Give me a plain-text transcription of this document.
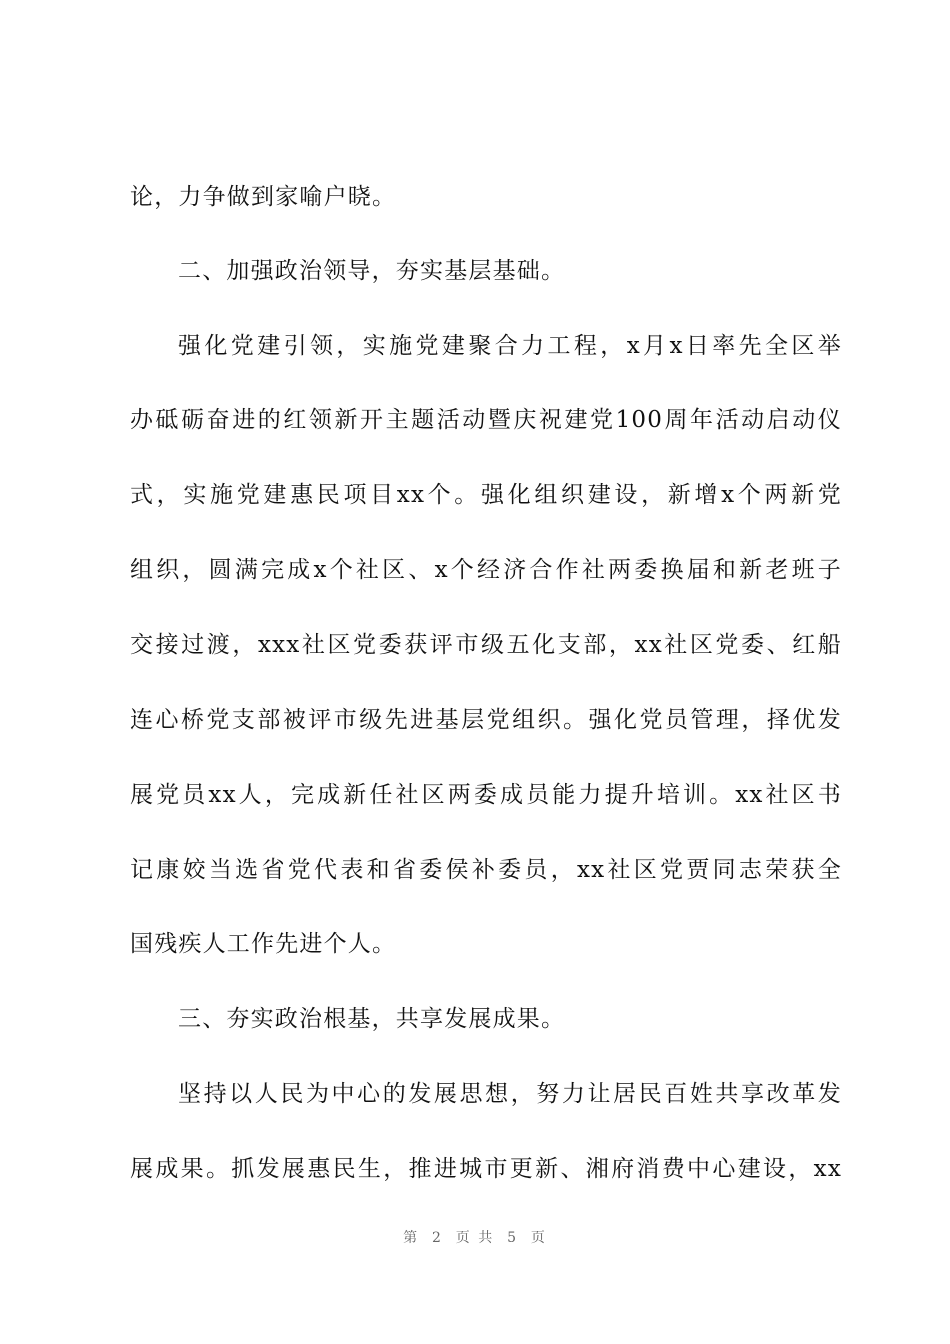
论，力争做到家喻户晓。
二、加强政治领导，夯实基层基础。
强化党建引领，实施党建聚合力工程，x月x日率先全区举
办砥砺奋进的红领新开主题活动暨庆祝建党100周年活动启动仪
式，实施党建惠民项目xx个。强化组织建设，新增x个两新党
组织，圆满完成x个社区、x个经济合作社两委换届和新老班子
交接过渡，xxx社区党委获评市级五化支部，xx社区党委、红船
连心桥党支部被评市级先进基层党组织。强化党员管理，择优发
展党员xx人，完成新任社区两委成员能力提升培训。xx社区书
记康姣当选省党代表和省委侯补委员，xx社区党贾同志荣获全
国残疾人工作先进个人。
三、夯实政治根基，共享发展成果。
坚持以人民为中心的发展思想，努力让居民百姓共享改革发
展成果。抓发展惠民生，推进城市更新、湘府消费中心建设，xx
第  2  页 共  5  页
